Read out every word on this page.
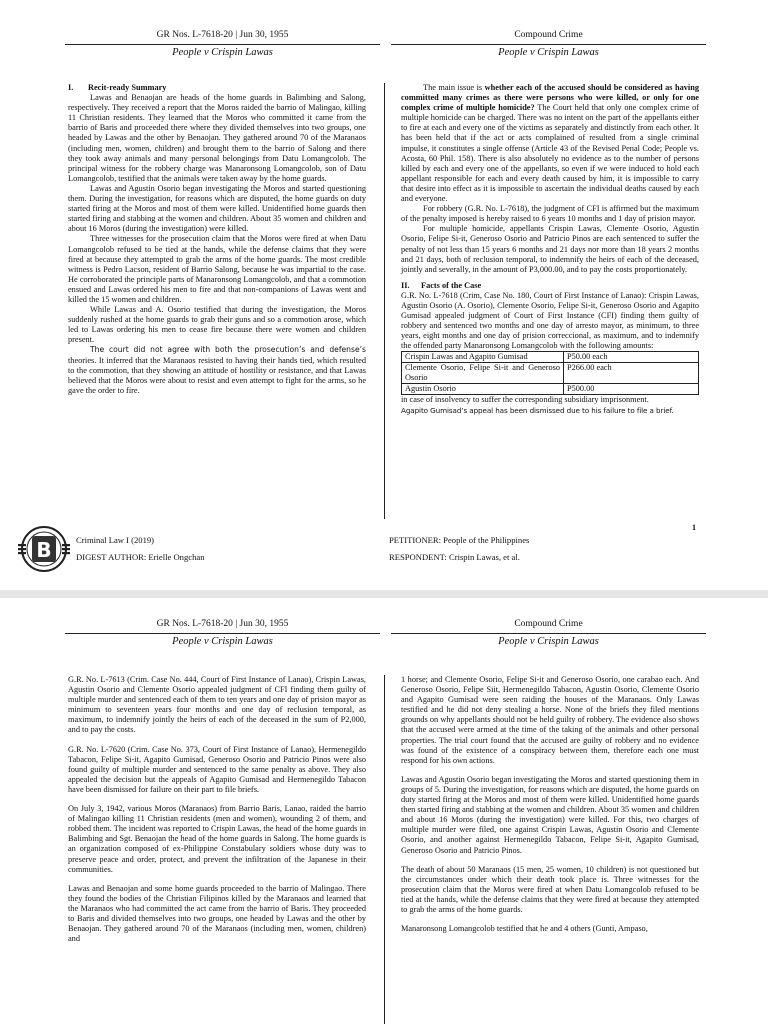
GR Nos. L-7618-20 | Jun 30, 1955
People v Crispin Lawas
Compound Crime
People v Crispin Lawas

I. Recit-ready Summary

Lawas and Benaojan are heads of the home guards in Balimbing and Salong, respectively. They received a report that the Moros raided the barrio of Malingao, killing 11 Christian residents. They learned that the Moros who committed it came from the barrio of Baris and proceeded there where they divided themselves into two groups, one headed by Lawas and the other by Benaojan. They gathered around 70 of the Maranaos (including men, women, children) and brought them to the barrio of Salong and there they took away animals and many personal belongings from Datu Lomangcolob. The principal witness for the robbery charge was Manaronsong Lomangcolob, son of Datu Lomangcolob, testified that the animals were taken away by the home guards.

Lawas and Agustin Osorio began investigating the Moros and started questioning them. During the investigation, for reasons which are disputed, the home guards on duty started firing at the Moros and most of them were killed. Unidentified home guards then started firing and stabbing at the women and children. About 35 women and children and about 16 Moros (during the investigation) were killed.

Three witnesses for the prosecution claim that the Moros were fired at when Datu Lomangcolob refused to be tied at the hands, while the defense claims that they were fired at because they attempted to grab the arms of the home guards. The most credible witness is Pedro Lacson, resident of Barrio Salong, because he was impartial to the case. He corroborated the principle parts of Manaronsong Lomangcolob, and that a commotion ensued and Lawas ordered his men to fire and that non-companions of Lawas went and killed the 15 women and children.

While Lawas and A. Osorio testified that during the investigation, the Moros suddenly rushed at the home guards to grab their guns and so a commotion arose, which led to Lawas ordering his men to cease fire because there were women and children present.

The court did not agree with both the prosecution’s and defense’s theories. It inferred that the Maranaos resisted to having their hands tied, which resulted to the commotion, that they showing an attitude of hostility or resistance, and that Lawas believed that the Moros were about to resist and even attempt to fight for the arms, so he gave the order to fire.

The main issue is whether each of the accused should be considered as having committed many crimes as there were persons who were killed, or only for one complex crime of multiple homicide? The Court held that only one complex crime of multiple homicide can be charged. There was no intent on the part of the appellants either to fire at each and every one of the victims as separately and distinctly from each other. It has been held that if the act or acts complained of resulted from a single criminal impulse, it constitutes a single offense (Article 43 of the Revised Penal Code; People vs. Acosta, 60 Phil. 158). There is also absolutely no evidence as to the number of persons killed by each and every one of the appellants, so even if we were induced to hold each appellant responsible for each and every death caused by him, it is impossible to carry that desire into effect as it is impossible to ascertain the individual deaths caused by each and everyone.

For robbery (G.R. No. L-7618), the judgment of CFI is affirmed but the maximum of the penalty imposed is hereby raised to 6 years 10 months and 1 day of prision mayor.

For multiple homicide, appellants Crispin Lawas, Clemente Osorio, Agustin Osorio, Felipe Si-it, Generoso Osorio and Patricio Pinos are each sentenced to suffer the penalty of not less than 15 years 6 months and 21 days nor more than 18 years 2 months and 21 days, both of reclusion temporal, to indemnify the heirs of each of the deceased, jointly and severally, in the amount of P3,000.00, and to pay the costs proportionately.

II. Facts of the Case

G.R. No. L-7618 (Crim, Case No. 180, Court of First Instance of Lanao): Crispin Lawas, Agustin Osorio (A. Osorio), Clemente Osorio, Felipe Si-it, Generoso Osorio and Agapito Gumisad appealed judgment of Court of First Instance (CFI) finding them guilty of robbery and sentenced two months and one day of arresto mayor, as minimum, to three years, eight months and one day of prision correccional, as maximum, and to indemnify the offended party Manaronsong Lomangcolob with the following amounts:

Crispin Lawas and Agapito Gumisad	P50.00 each
Clemente Osorio, Felipe Si-it and Generoso Osorio	P266.00 each
Agustin Osorio	P500.00

in case of insolvency to suffer the corresponding subsidiary imprisonment.

Agapito Gumisad’s appeal has been dismissed due to his failure to file a brief.

1
B	Criminal Law I (2019)
DIGEST AUTHOR: Erielle Ongchan
PETITIONER: People of the Philippines
RESPONDENT: Crispin Lawas, et al.
GR Nos. L-7618-20 | Jun 30, 1955
People v Crispin Lawas
Compound Crime
People v Crispin Lawas

G.R. No. L-7613 (Crim. Case No. 444, Court of First Instance of Lanao), Crispin Lawas, Agustin Osorio and Clemente Osorio appealed judgment of CFI finding them guilty of multiple murder and sentenced each of them to ten years and one day of prision mayor as minimum to seventeen years four months and one day of reclusion temporal, as maximum, to indemnify jointly the heirs of each of the deceased in the sum of P2,000, and to pay the costs.

G.R. No. L-7620 (Crim. Case No. 373, Court of First Instance of Lanao), Hermenegildo Tabacon, Felipe Si-it, Agapito Gumisad, Generoso Osorio and Patricio Pinos were also found guilty of multiple murder and sentenced to the same penalty as above. They also appealed the decision but the appeals of Agapito Gumisad and Hermenegildo Tabacon have been dismissed for failure on their part to file briefs.

On July 3, 1942, various Moros (Maranaos) from Barrio Baris, Lanao, raided the barrio of Malingao killing 11 Christian residents (men and women), wounding 2 of them, and robbed them. The incident was reported to Crispin Lawas, the head of the home guards in Balimbing and Sgt. Benaojan the head of the home guards in Salong. The home guards is an organization composed of ex-Philippine Constabulary soldiers whose duty was to preserve peace and order, protect, and prevent the infiltration of the Japanese in their communities.

Lawas and Benaojan and some home guards proceeded to the barrio of Malingao. There they found the bodies of the Christian Filipinos killed by the Maranaos and learned that the Maranaos who had committed the act came from the barrio of Baris. They proceeded to Baris and divided themselves into two groups, one headed by Lawas and the other by Benaojan. They gathered around 70 of the Maranaos (including men, women, children) and

1 horse; and Clemente Osorio, Felipe Si-it and Generoso Osorio, one carabao each. And Generoso Osorio, Felipe Siit, Hermenegildo Tabacon, Agustin Osorio, Clemente Osorio and Agapito Gumisad were seen raiding the houses of the Maranaos. Only Lawas testified and he did not deny stealing a horse. None of the briefs they filed mentions grounds on why appellants should not be held guilty of robbery. The evidence also shows that the accused were armed at the time of the taking of the animals and other personal properties. The trial court found that the accused are guilty of robbery and no evidence was found of the existence of a conspiracy between them, therefore each one must respond for his own actions.

Lawas and Agustin Osorio began investigating the Moros and started questioning them in groups of 5. During the investigation, for reasons which are disputed, the home guards on duty started firing at the Moros and most of them were killed. Unidentified home guards then started firing and stabbing at the women and children. About 35 women and children and about 16 Moros (during the investigation) were killed. For this, two charges of multiple murder were filed, one against Crispin Lawas, Agustin Osorio and Clemente Osorio, and another against Hermenegildo Tabacon, Felipe Si-it, Agapito Gumisad, Generoso Osorio and Patricio Pinos.

The death of about 50 Maranaos (15 men, 25 women, 10 children) is not questioned but the circumstances under which their death took place is. Three witnesses for the prosecution claim that the Moros were fired at when Datu Lomangcolob refused to be tied at the hands, while the defense claims that they were fired at because they attempted to grab the arms of the home guards.

Manaronsong Lomangcolob testified that he and 4 others (Gunti, Ampaso,
